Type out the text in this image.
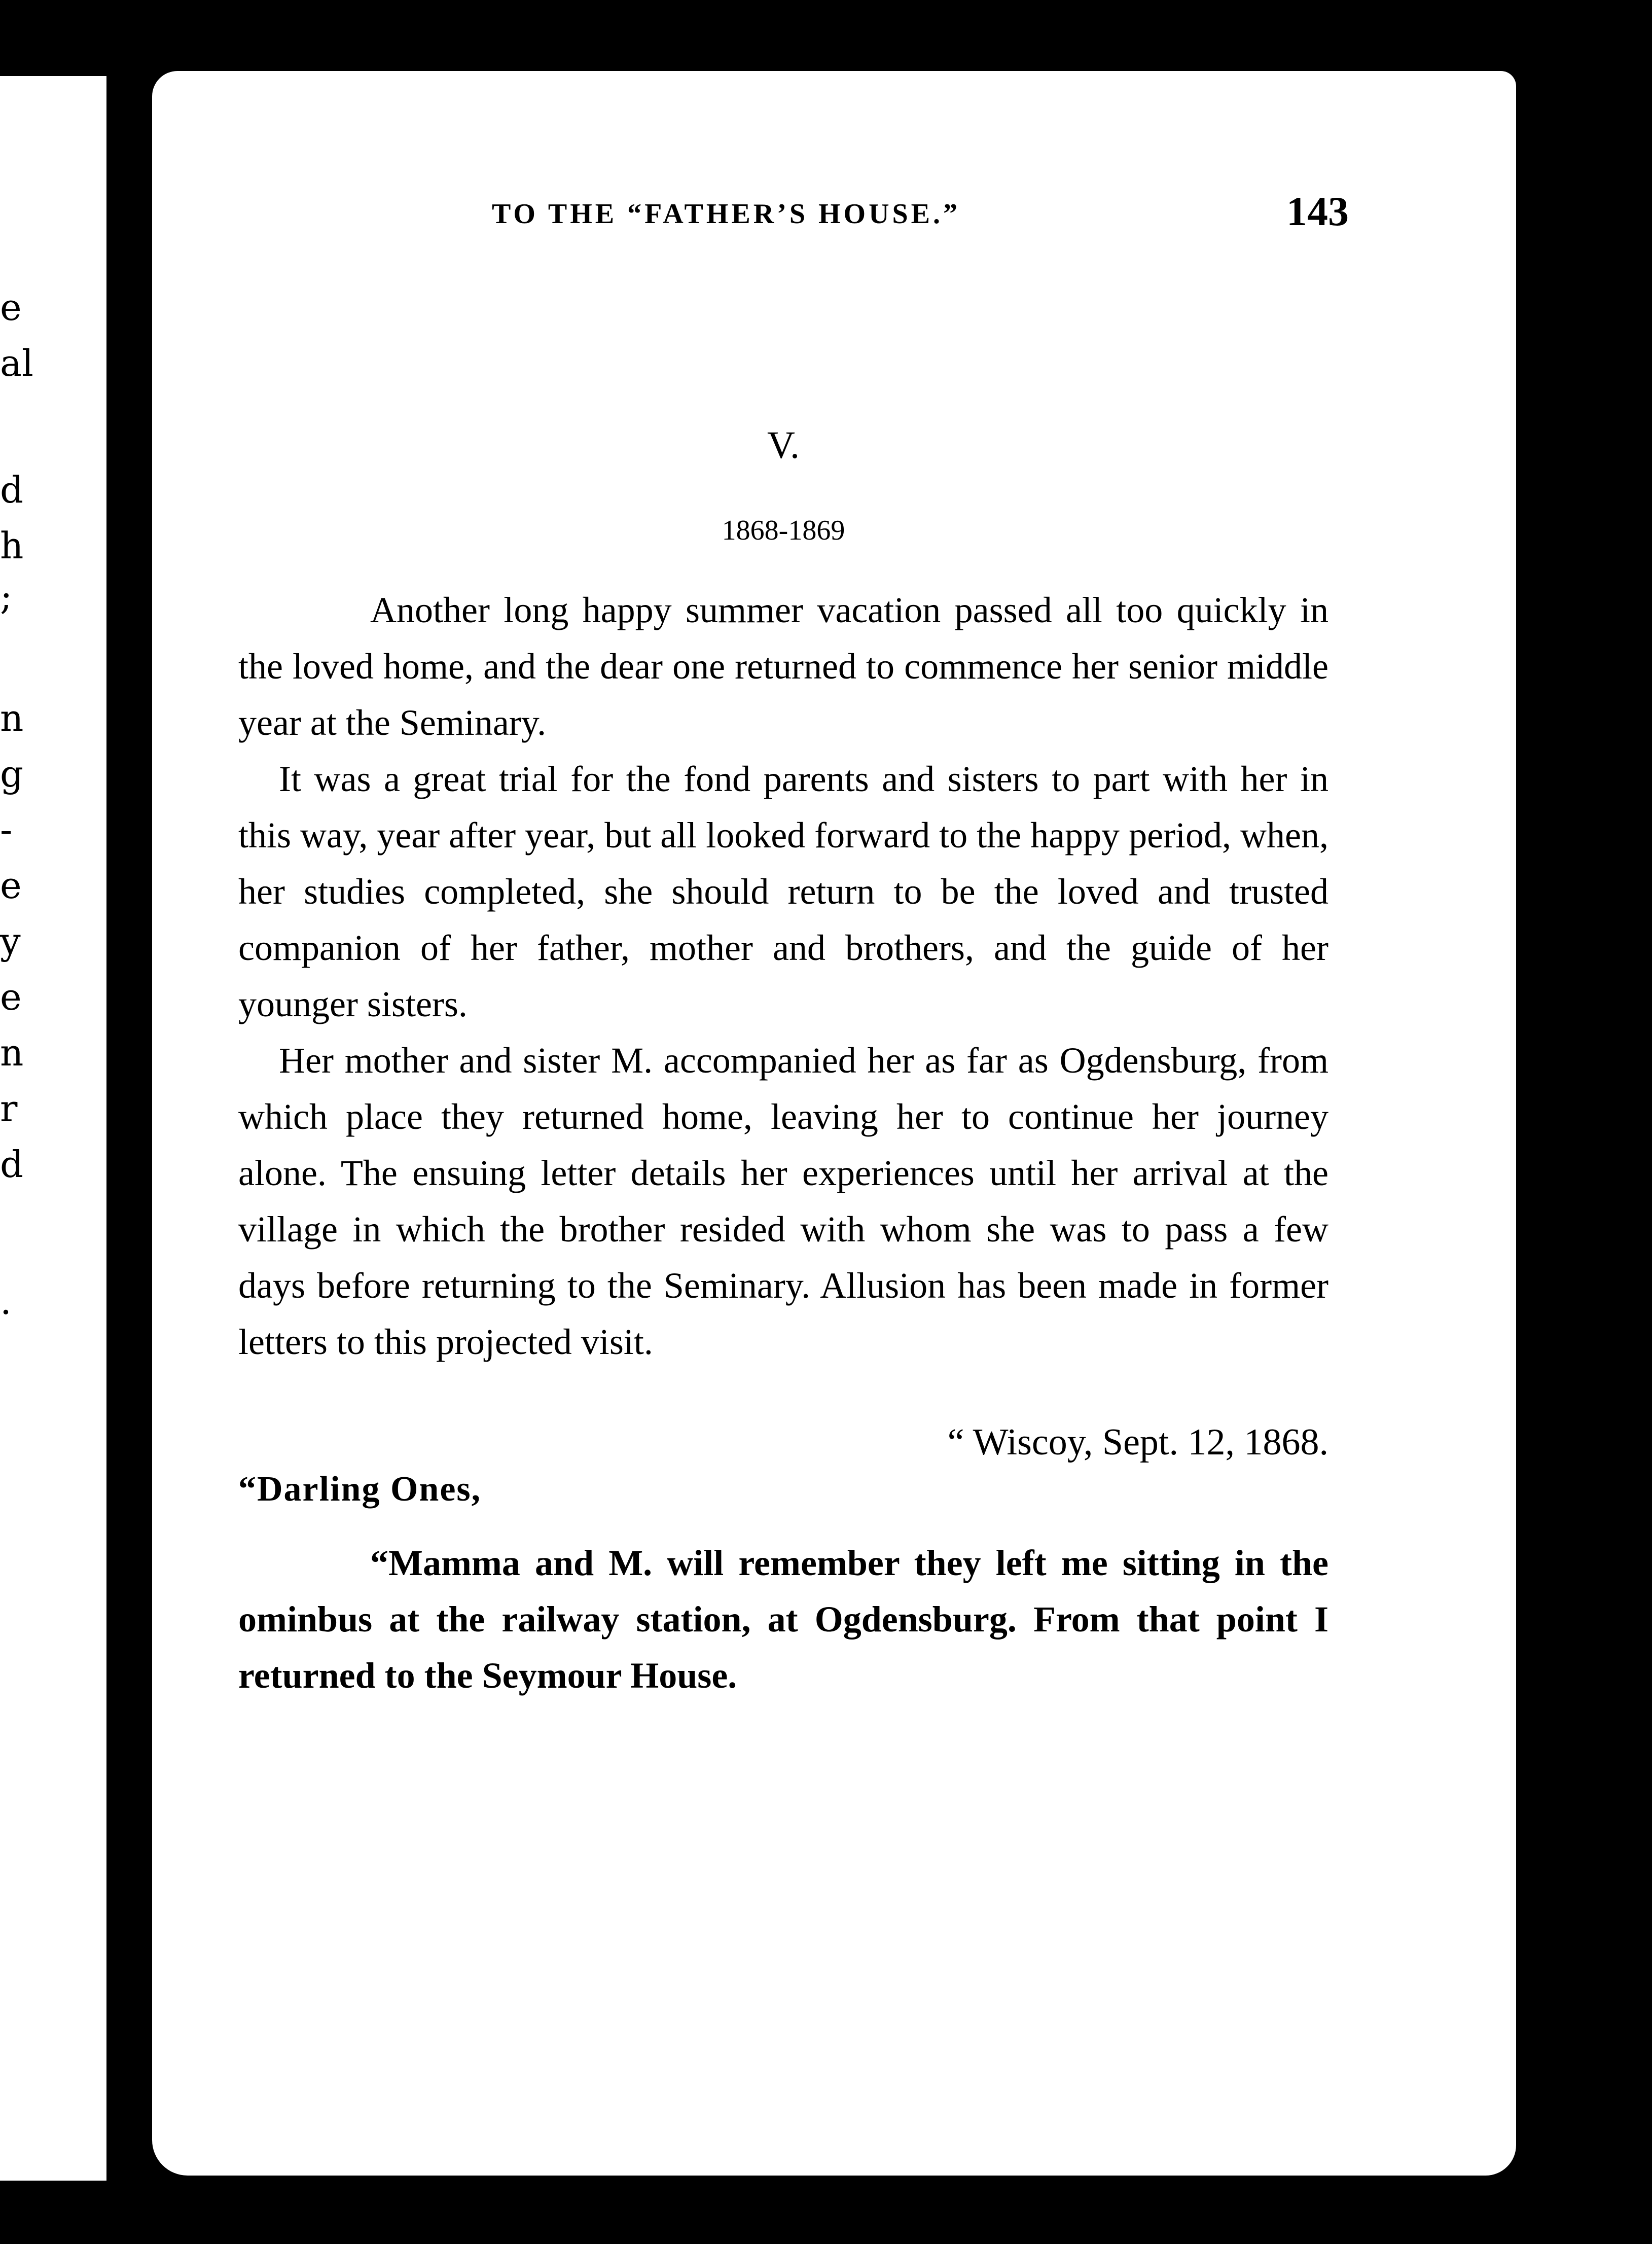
e
al
d
h
;
n
g
-
e
y
e
n
r
d
.
TO THE “FATHER’S HOUSE.”	143
V.
1868-1869

Another long happy summer vacation passed all too quickly in the loved home, and the dear one returned to commence her senior middle year at the Seminary.

It was a great trial for the fond parents and sisters to part with her in this way, year after year, but all looked forward to the happy period, when, her studies completed, she should return to be the loved and trusted companion of her father, mother and brothers, and the guide of her younger sisters.

Her mother and sister M. accompanied her as far as Ogdensburg, from which place they returned home, leaving her to continue her journey alone. The ensuing letter details her experiences until her arrival at the village in which the brother resided with whom she was to pass a few days before returning to the Seminary. Allusion has been made in former letters to this projected visit.

“ Wiscoy, Sept. 12, 1868.
“Darling Ones,

“Mamma and M. will remember they left me sitting in the ominbus at the railway station, at Ogdensburg. From that point I returned to the Seymour House.
